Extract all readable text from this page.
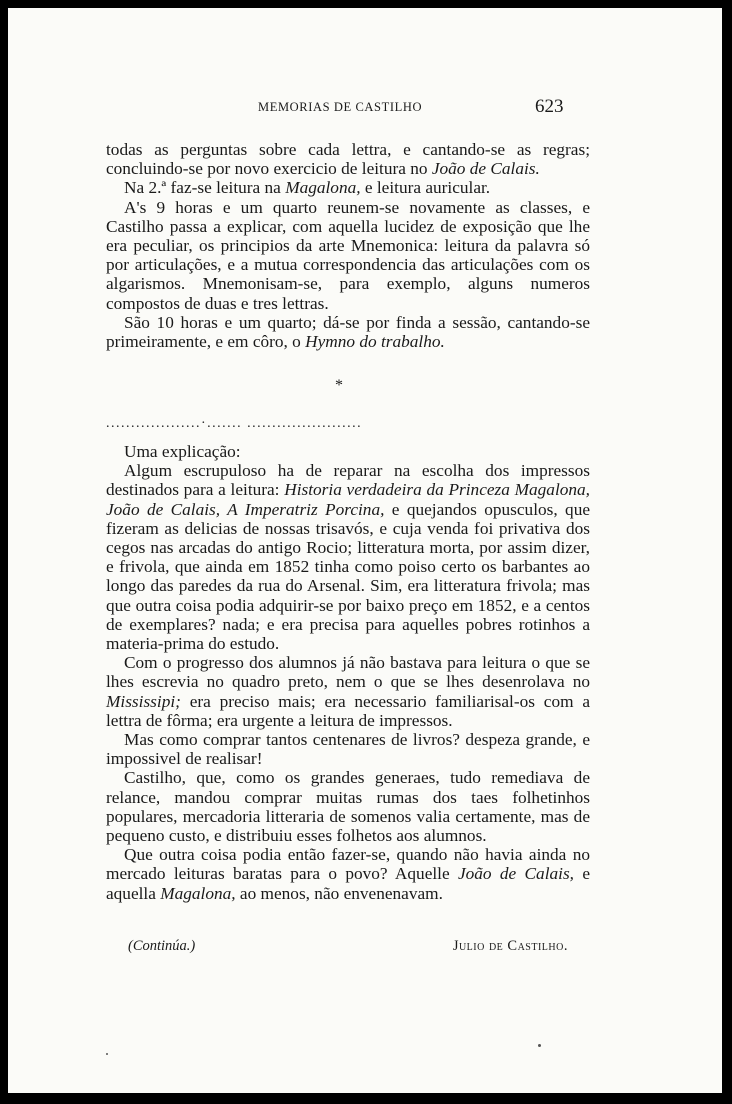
MEMORIAS DE CASTILHO	623

todas as perguntas sobre cada lettra, e cantando-se as regras; concluindo-se por novo exercicio de leitura no João de Calais.

Na 2.ª faz-se leitura na Magalona, e leitura auricular.

A's 9 horas e um quarto reunem-se novamente as classes, e Castilho passa a explicar, com aquella lucidez de exposição que lhe era peculiar, os principios da arte Mnemonica: leitura da palavra só por articulações, e a mutua correspondencia das articulações com os algarismos. Mnemonisam-se, para exemplo, alguns numeros compostos de duas e tres lettras.

São 10 horas e um quarto; dá-se por finda a sessão, cantando-se primeiramente, e em côro, o Hymno do trabalho.

*
...................·....... .......................

Uma explicação:

Algum escrupuloso ha de reparar na escolha dos impressos destinados para a leitura: Historia verdadeira da Princeza Magalona, João de Calais, A Imperatriz Porcina, e quejandos opusculos, que fizeram as delicias de nossas trisavós, e cuja venda foi privativa dos cegos nas arcadas do antigo Rocio; litteratura morta, por assim dizer, e frivola, que ainda em 1852 tinha como poiso certo os barbantes ao longo das paredes da rua do Arsenal. Sim, era litteratura frivola; mas que outra coisa podia adquirir-se por baixo preço em 1852, e a centos de exemplares? nada; e era precisa para aquelles pobres rotinhos a materia-prima do estudo.

Com o progresso dos alumnos já não bastava para leitura o que se lhes escrevia no quadro preto, nem o que se lhes desenrolava no Mississipi; era preciso mais; era necessario familiarisal-os com a lettra de fôrma; era urgente a leitura de impressos.

Mas como comprar tantos centenares de livros? despeza grande, e impossivel de realisar!

Castilho, que, como os grandes generaes, tudo remediava de relance, mandou comprar muitas rumas dos taes folhetinhos populares, mercadoria litteraria de somenos valia certamente, mas de pequeno custo, e distribuiu esses folhetos aos alumnos.

Que outra coisa podia então fazer-se, quando não havia ainda no mercado leituras baratas para o povo? Aquelle João de Calais, e aquella Magalona, ao menos, não envenenavam.

(Continúa.)	Julio de Castilho.
